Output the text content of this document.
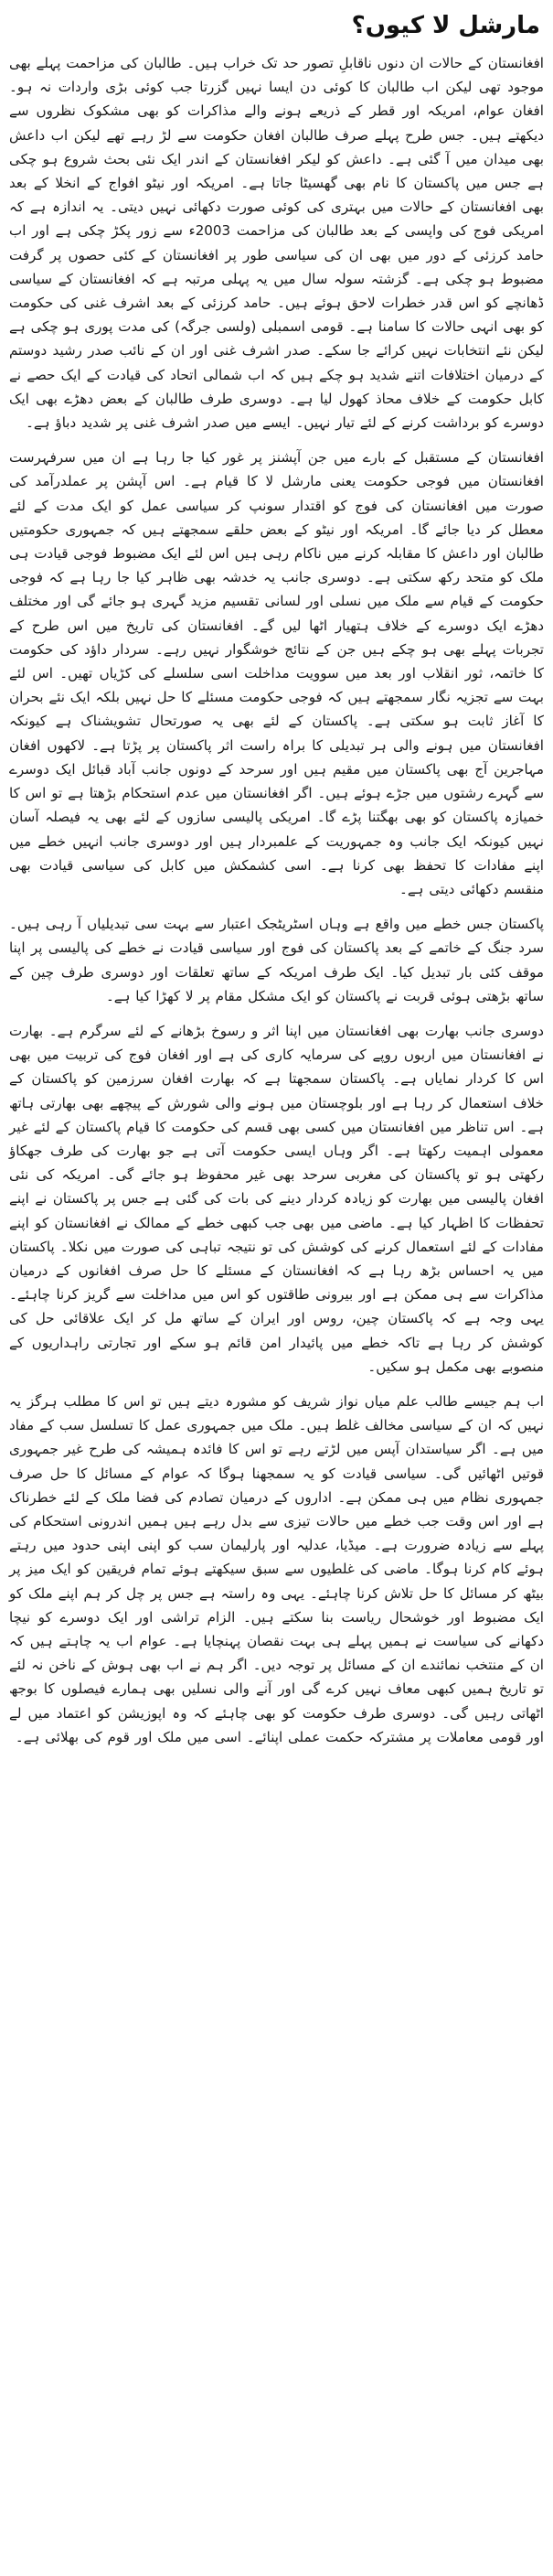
مارشل لا کیوں؟

افغانستان کے حالات ان دنوں ناقابلِ تصور حد تک خراب ہیں۔ طالبان کی مزاحمت پہلے بھی موجود تھی لیکن اب طالبان کا کوئی دن ایسا نہیں گزرتا جب کوئی بڑی واردات نہ ہو۔ افغان عوام، امریکہ اور قطر کے ذریعے ہونے والے مذاکرات کو بھی مشکوک نظروں سے دیکھتے ہیں۔ جس طرح پہلے صرف طالبان افغان حکومت سے لڑ رہے تھے لیکن اب داعش بھی میدان میں آ گئی ہے۔ داعش کو لیکر افغانستان کے اندر ایک نئی بحث شروع ہو چکی ہے جس میں پاکستان کا نام بھی گھسیٹا جاتا ہے۔ امریکہ اور نیٹو افواج کے انخلا کے بعد بھی افغانستان کے حالات میں بہتری کی کوئی صورت دکھائی نہیں دیتی۔ یہ اندازہ ہے کہ امریکی فوج کی واپسی کے بعد طالبان کی مزاحمت 2003ء سے زور پکڑ چکی ہے اور اب حامد کرزئی کے دور میں بھی ان کی سیاسی طور پر افغانستان کے کئی حصوں پر گرفت مضبوط ہو چکی ہے۔ گزشتہ سولہ سال میں یہ پہلی مرتبہ ہے کہ افغانستان کے سیاسی ڈھانچے کو اس قدر خطرات لاحق ہوئے ہیں۔ حامد کرزئی کے بعد اشرف غنی کی حکومت کو بھی انہی حالات کا سامنا ہے۔ قومی اسمبلی (ولسی جرگہ) کی مدت پوری ہو چکی ہے لیکن نئے انتخابات نہیں کرائے جا سکے۔ صدر اشرف غنی اور ان کے نائب صدر رشید دوستم کے درمیان اختلافات اتنے شدید ہو چکے ہیں کہ اب شمالی اتحاد کی قیادت کے ایک حصے نے کابل حکومت کے خلاف محاذ کھول لیا ہے۔ دوسری طرف طالبان کے بعض دھڑے بھی ایک دوسرے کو برداشت کرنے کے لئے تیار نہیں۔ ایسے میں صدر اشرف غنی پر شدید دباؤ ہے۔

افغانستان کے مستقبل کے بارے میں جن آپشنز پر غور کیا جا رہا ہے ان میں سرفہرست افغانستان میں فوجی حکومت یعنی مارشل لا کا قیام ہے۔ اس آپشن پر عملدرآمد کی صورت میں افغانستان کی فوج کو اقتدار سونپ کر سیاسی عمل کو ایک مدت کے لئے معطل کر دیا جائے گا۔ امریکہ اور نیٹو کے بعض حلقے سمجھتے ہیں کہ جمہوری حکومتیں طالبان اور داعش کا مقابلہ کرنے میں ناکام رہی ہیں اس لئے ایک مضبوط فوجی قیادت ہی ملک کو متحد رکھ سکتی ہے۔ دوسری جانب یہ خدشہ بھی ظاہر کیا جا رہا ہے کہ فوجی حکومت کے قیام سے ملک میں نسلی اور لسانی تقسیم مزید گہری ہو جائے گی اور مختلف دھڑے ایک دوسرے کے خلاف ہتھیار اٹھا لیں گے۔ افغانستان کی تاریخ میں اس طرح کے تجربات پہلے بھی ہو چکے ہیں جن کے نتائج خوشگوار نہیں رہے۔ سردار داؤد کی حکومت کا خاتمہ، ثور انقلاب اور بعد میں سوویت مداخلت اسی سلسلے کی کڑیاں تھیں۔ اس لئے بہت سے تجزیہ نگار سمجھتے ہیں کہ فوجی حکومت مسئلے کا حل نہیں بلکہ ایک نئے بحران کا آغاز ثابت ہو سکتی ہے۔ پاکستان کے لئے بھی یہ صورتحال تشویشناک ہے کیونکہ افغانستان میں ہونے والی ہر تبدیلی کا براہ راست اثر پاکستان پر پڑتا ہے۔ لاکھوں افغان مہاجرین آج بھی پاکستان میں مقیم ہیں اور سرحد کے دونوں جانب آباد قبائل ایک دوسرے سے گہرے رشتوں میں جڑے ہوئے ہیں۔ اگر افغانستان میں عدم استحکام بڑھتا ہے تو اس کا خمیازہ پاکستان کو بھی بھگتنا پڑے گا۔ امریکی پالیسی سازوں کے لئے بھی یہ فیصلہ آسان نہیں کیونکہ ایک جانب وہ جمہوریت کے علمبردار ہیں اور دوسری جانب انہیں خطے میں اپنے مفادات کا تحفظ بھی کرنا ہے۔ اسی کشمکش میں کابل کی سیاسی قیادت بھی منقسم دکھائی دیتی ہے۔

پاکستان جس خطے میں واقع ہے وہاں اسٹریٹجک اعتبار سے بہت سی تبدیلیاں آ رہی ہیں۔ سرد جنگ کے خاتمے کے بعد پاکستان کی فوج اور سیاسی قیادت نے خطے کی پالیسی پر اپنا موقف کئی بار تبدیل کیا۔ ایک طرف امریکہ کے ساتھ تعلقات اور دوسری طرف چین کے ساتھ بڑھتی ہوئی قربت نے پاکستان کو ایک مشکل مقام پر لا کھڑا کیا ہے۔

دوسری جانب بھارت بھی افغانستان میں اپنا اثر و رسوخ بڑھانے کے لئے سرگرم ہے۔ بھارت نے افغانستان میں اربوں روپے کی سرمایہ کاری کی ہے اور افغان فوج کی تربیت میں بھی اس کا کردار نمایاں ہے۔ پاکستان سمجھتا ہے کہ بھارت افغان سرزمین کو پاکستان کے خلاف استعمال کر رہا ہے اور بلوچستان میں ہونے والی شورش کے پیچھے بھی بھارتی ہاتھ ہے۔ اس تناظر میں افغانستان میں کسی بھی قسم کی حکومت کا قیام پاکستان کے لئے غیر معمولی اہمیت رکھتا ہے۔ اگر وہاں ایسی حکومت آتی ہے جو بھارت کی طرف جھکاؤ رکھتی ہو تو پاکستان کی مغربی سرحد بھی غیر محفوظ ہو جائے گی۔ امریکہ کی نئی افغان پالیسی میں بھارت کو زیادہ کردار دینے کی بات کی گئی ہے جس پر پاکستان نے اپنے تحفظات کا اظہار کیا ہے۔ ماضی میں بھی جب کبھی خطے کے ممالک نے افغانستان کو اپنے مفادات کے لئے استعمال کرنے کی کوشش کی تو نتیجہ تباہی کی صورت میں نکلا۔ پاکستان میں یہ احساس بڑھ رہا ہے کہ افغانستان کے مسئلے کا حل صرف افغانوں کے درمیان مذاکرات سے ہی ممکن ہے اور بیرونی طاقتوں کو اس میں مداخلت سے گریز کرنا چاہئے۔ یہی وجہ ہے کہ پاکستان چین، روس اور ایران کے ساتھ مل کر ایک علاقائی حل کی کوشش کر رہا ہے تاکہ خطے میں پائیدار امن قائم ہو سکے اور تجارتی راہداریوں کے منصوبے بھی مکمل ہو سکیں۔

اب ہم جیسے طالب علم میاں نواز شریف کو مشورہ دیتے ہیں تو اس کا مطلب ہرگز یہ نہیں کہ ان کے سیاسی مخالف غلط ہیں۔ ملک میں جمہوری عمل کا تسلسل سب کے مفاد میں ہے۔ اگر سیاستدان آپس میں لڑتے رہے تو اس کا فائدہ ہمیشہ کی طرح غیر جمہوری قوتیں اٹھائیں گی۔ سیاسی قیادت کو یہ سمجھنا ہوگا کہ عوام کے مسائل کا حل صرف جمہوری نظام میں ہی ممکن ہے۔ اداروں کے درمیان تصادم کی فضا ملک کے لئے خطرناک ہے اور اس وقت جب خطے میں حالات تیزی سے بدل رہے ہیں ہمیں اندرونی استحکام کی پہلے سے زیادہ ضرورت ہے۔ میڈیا، عدلیہ اور پارلیمان سب کو اپنی اپنی حدود میں رہتے ہوئے کام کرنا ہوگا۔ ماضی کی غلطیوں سے سبق سیکھتے ہوئے تمام فریقین کو ایک میز پر بیٹھ کر مسائل کا حل تلاش کرنا چاہئے۔ یہی وہ راستہ ہے جس پر چل کر ہم اپنے ملک کو ایک مضبوط اور خوشحال ریاست بنا سکتے ہیں۔ الزام تراشی اور ایک دوسرے کو نیچا دکھانے کی سیاست نے ہمیں پہلے ہی بہت نقصان پہنچایا ہے۔ عوام اب یہ چاہتے ہیں کہ ان کے منتخب نمائندے ان کے مسائل پر توجہ دیں۔ اگر ہم نے اب بھی ہوش کے ناخن نہ لئے تو تاریخ ہمیں کبھی معاف نہیں کرے گی اور آنے والی نسلیں بھی ہمارے فیصلوں کا بوجھ اٹھاتی رہیں گی۔ دوسری طرف حکومت کو بھی چاہئے کہ وہ اپوزیشن کو اعتماد میں لے اور قومی معاملات پر مشترکہ حکمت عملی اپنائے۔ اسی میں ملک اور قوم کی بھلائی ہے۔
